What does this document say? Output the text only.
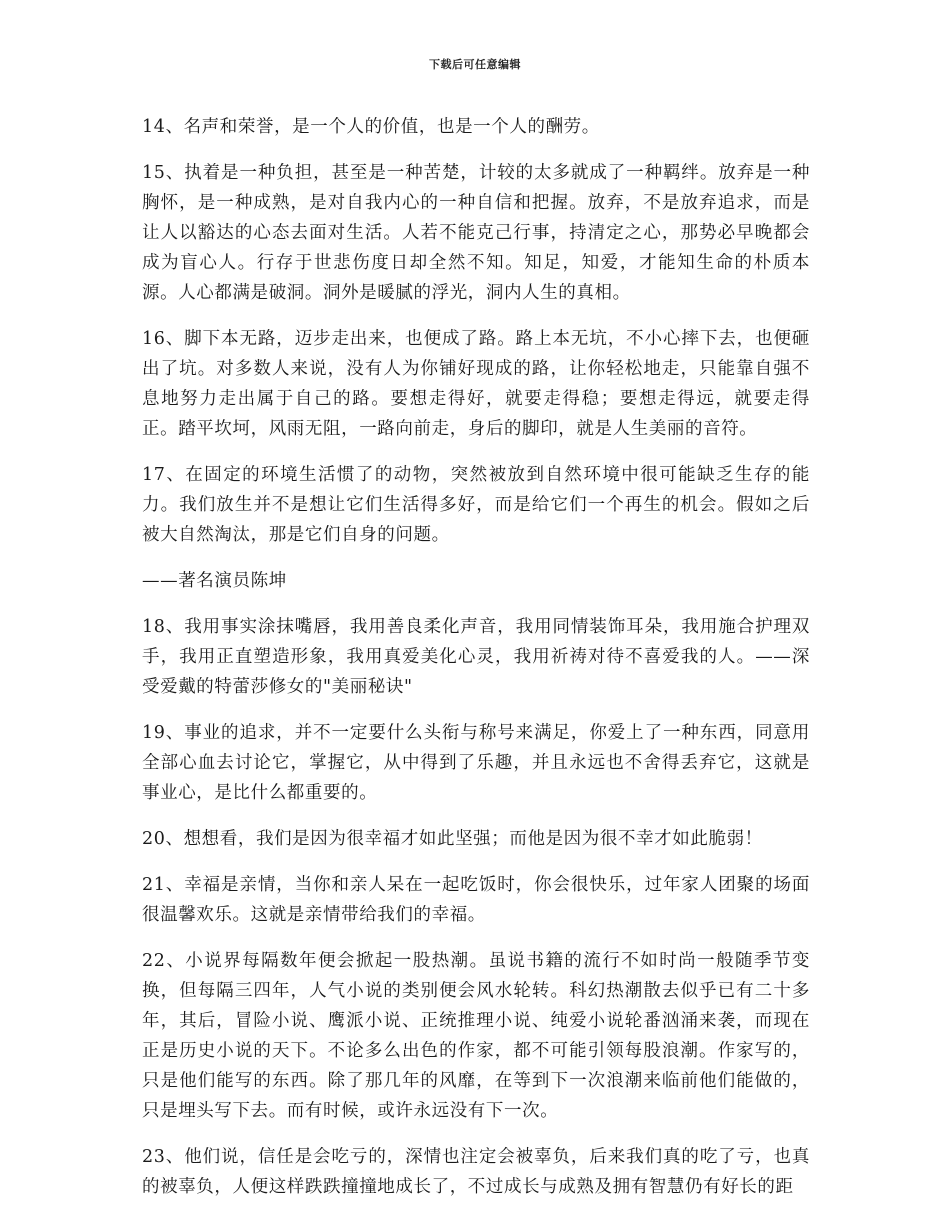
下载后可任意编辑

14、名声和荣誉，是一个人的价值，也是一个人的酬劳。

15、执着是一种负担，甚至是一种苦楚，计较的太多就成了一种羁绊。放弃是一种胸怀，是一种成熟，是对自我内心的一种自信和把握。放弃，不是放弃追求，而是让人以豁达的心态去面对生活。人若不能克己行事，持清定之心，那势必早晚都会成为盲心人。行存于世悲伤度日却全然不知。知足，知爱，才能知生命的朴质本源。人心都满是破洞。洞外是暖腻的浮光，洞内人生的真相。

16、脚下本无路，迈步走出来，也便成了路。路上本无坑，不小心摔下去，也便砸出了坑。对多数人来说，没有人为你铺好现成的路，让你轻松地走，只能靠自强不息地努力走出属于自己的路。要想走得好，就要走得稳；要想走得远，就要走得正。踏平坎坷，风雨无阻，一路向前走，身后的脚印，就是人生美丽的音符。

17、在固定的环境生活惯了的动物，突然被放到自然环境中很可能缺乏生存的能力。我们放生并不是想让它们生活得多好，而是给它们一个再生的机会。假如之后被大自然淘汰，那是它们自身的问题。

——著名演员陈坤

18、我用事实涂抹嘴唇，我用善良柔化声音，我用同情装饰耳朵，我用施合护理双手，我用正直塑造形象，我用真爱美化心灵，我用祈祷对待不喜爱我的人。——深受爱戴的特蕾莎修女的"美丽秘诀"

19、事业的追求，并不一定要什么头衔与称号来满足，你爱上了一种东西，同意用全部心血去讨论它，掌握它，从中得到了乐趣，并且永远也不舍得丢弃它，这就是事业心，是比什么都重要的。

20、想想看，我们是因为很幸福才如此坚强；而他是因为很不幸才如此脆弱！

21、幸福是亲情，当你和亲人呆在一起吃饭时，你会很快乐，过年家人团聚的场面很温馨欢乐。这就是亲情带给我们的幸福。

22、小说界每隔数年便会掀起一股热潮。虽说书籍的流行不如时尚一般随季节变换，但每隔三四年，人气小说的类别便会风水轮转。科幻热潮散去似乎已有二十多年，其后，冒险小说、鹰派小说、正统推理小说、纯爱小说轮番汹涌来袭，而现在正是历史小说的天下。不论多么出色的作家，都不可能引领每股浪潮。作家写的，只是他们能写的东西。除了那几年的风靡，在等到下一次浪潮来临前他们能做的，只是埋头写下去。而有时候，或许永远没有下一次。

23、他们说，信任是会吃亏的，深情也注定会被辜负，后来我们真的吃了亏，也真的被辜负，人便这样跌跌撞撞地成长了，不过成长与成熟及拥有智慧仍有好长的距
